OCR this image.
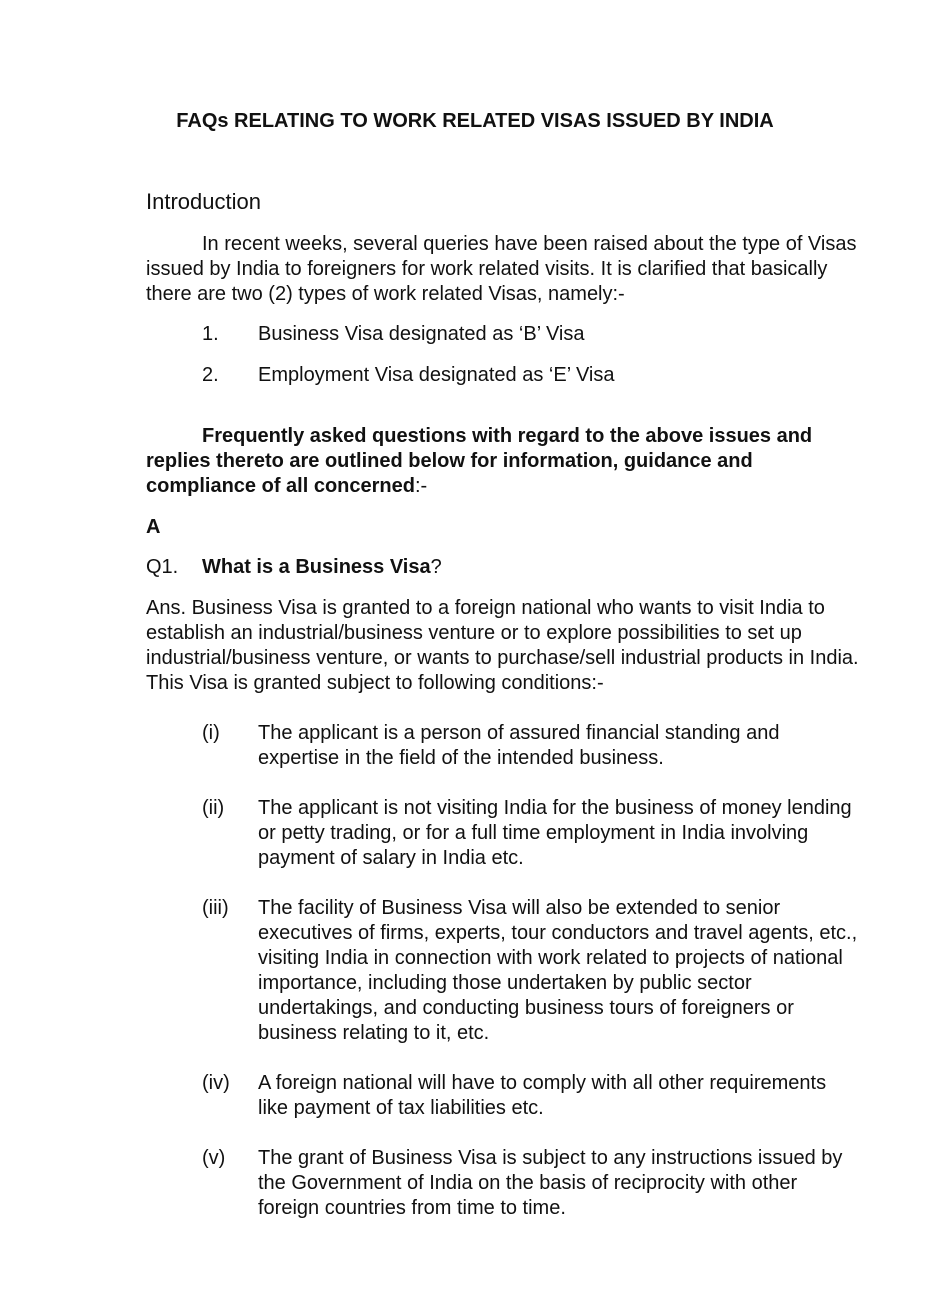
FAQs RELATING TO WORK RELATED VISAS ISSUED BY INDIA
Introduction
In recent weeks, several queries have been raised about the type of Visas issued by India to foreigners for work related visits. It is clarified that basically there are two (2) types of work related Visas, namely:-
1. Business Visa designated as ‘B’ Visa
2. Employment Visa designated as ‘E’ Visa
Frequently asked questions with regard to the above issues and replies thereto are outlined below for information, guidance and compliance of all concerned:-
A
Q1. What is a Business Visa?
Ans. Business Visa is granted to a foreign national who wants to visit India to establish an industrial/business venture or to explore possibilities to set up industrial/business venture, or wants to purchase/sell industrial products in India. This Visa is granted subject to following conditions:-
(i) The applicant is a person of assured financial standing and expertise in the field of the intended business.
(ii) The applicant is not visiting India for the business of money lending or petty trading, or for a full time employment in India involving payment of salary in India etc.
(iii) The facility of Business Visa will also be extended to senior executives of firms, experts, tour conductors and travel agents, etc., visiting India in connection with work related to projects of national importance, including those undertaken by public sector undertakings, and conducting business tours of foreigners or business relating to it, etc.
(iv) A foreign national will have to comply with all other requirements like payment of tax liabilities etc.
(v) The grant of Business Visa is subject to any instructions issued by the Government of India on the basis of reciprocity with other foreign countries from time to time.
